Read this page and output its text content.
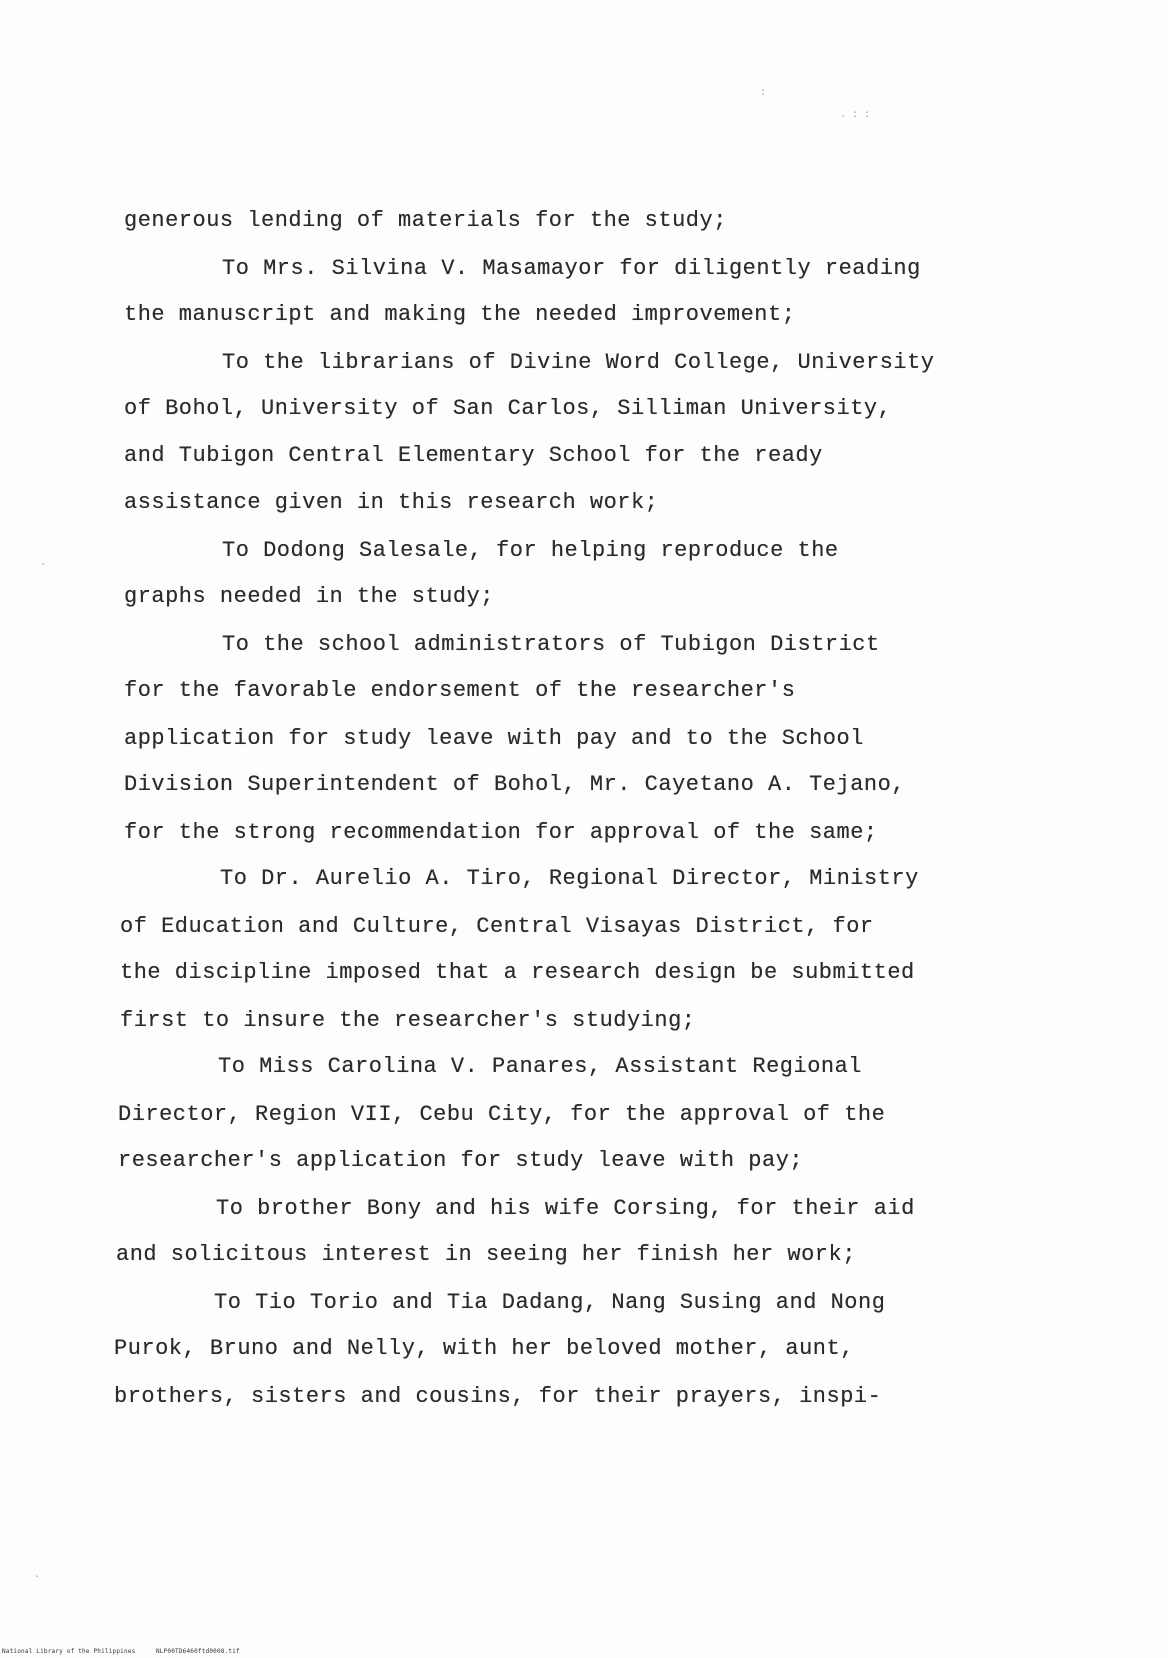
:
. : :
-
.
generous lending of materials for the study;
To Mrs. Silvina V. Masamayor for diligently reading
the manuscript and making the needed improvement;
To the librarians of Divine Word College, University
of Bohol, University of San Carlos, Silliman University,
and Tubigon Central Elementary School for the ready
assistance given in this research work;
To Dodong Salesale, for helping reproduce the
graphs needed in the study;
To the school administrators of Tubigon District
for the favorable endorsement of the researcher's
application for study leave with pay and to the School
Division Superintendent of Bohol, Mr. Cayetano A. Tejano,
for the strong recommendation for approval of the same;
To Dr. Aurelio A. Tiro, Regional Director, Ministry
of Education and Culture, Central Visayas District, for
the discipline imposed that a research design be submitted
first to insure the researcher's studying;
To Miss Carolina V. Panares, Assistant Regional
Director, Region VII, Cebu City, for the approval of the
researcher's application for study leave with pay;
To brother Bony and his wife Corsing, for their aid
and solicitous interest in seeing her finish her work;
To Tio Torio and Tia Dadang, Nang Susing and Nong
Purok, Bruno and Nelly, with her beloved mother, aunt,
brothers, sisters and cousins, for their prayers, inspi-
National Library of the Philippines	NLP00TD6460ftd0008.tif
